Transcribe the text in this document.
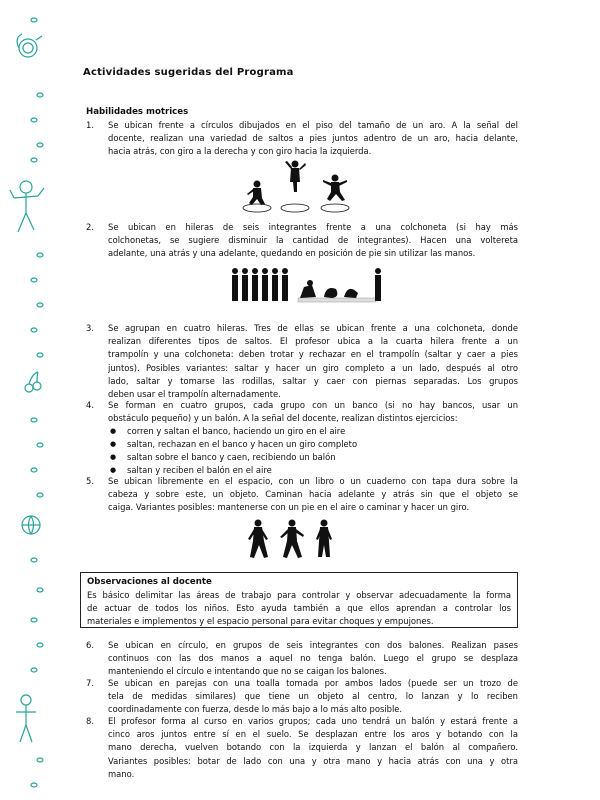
Actividades sugeridas del Programa
Habilidades motrices
1.	Se ubican frente a círculos dibujados en el piso del tamaño de un aro. A la señal del
docente, realizan una variedad de saltos a pies juntos adentro de un aro, hacia delante,
hacia atrás, con giro a la derecha y con giro hacia la izquierda.
2.	Se ubican en hileras de seis integrantes frente a una colchoneta (si hay más
colchonetas, se sugiere disminuir la cantidad de integrantes). Hacen una voltereta
adelante, una atrás y una adelante, quedando en posición de pie sin utilizar las manos.
3.	Se agrupan en cuatro hileras. Tres de ellas se ubican frente a una colchoneta, donde
realizan diferentes tipos de saltos. El profesor ubica a la cuarta hilera frente a un
trampolín y una colchoneta: deben trotar y rechazar en el trampolín (saltar y caer a pies
juntos). Posibles variantes: saltar y hacer un giro completo a un lado, después al otro
lado, saltar y tomarse las rodillas, saltar y caer con piernas separadas. Los grupos
deben usar el trampolín alternadamente.
4.	Se forman en cuatro grupos, cada grupo con un banco (si no hay bancos, usar un
obstáculo pequeño) y un balón. A la señal del docente, realizan distintos ejercicios:
● corren y saltan el banco, haciendo un giro en el aire
● saltan, rechazan en el banco y hacen un giro completo
● saltan sobre el banco y caen, recibiendo un balón
● saltan y reciben el balón en el aire
5.	Se ubican libremente en el espacio, con un libro o un cuaderno con tapa dura sobre la
cabeza y sobre este, un objeto. Caminan hacia adelante y atrás sin que el objeto se
caiga. Variantes posibles: mantenerse con un pie en el aire o caminar y hacer un giro.
Observaciones al docente
Es básico delimitar las áreas de trabajo para controlar y observar adecuadamente la forma
de actuar de todos los niños. Esto ayuda también a que ellos aprendan a controlar los
materiales e implementos y el espacio personal para evitar choques y empujones.
6.	Se ubican en círculo, en grupos de seis integrantes con dos balones. Realizan pases
continuos con las dos manos a aquel no tenga balón. Luego el grupo se desplaza
manteniendo el círculo e intentando que no se caigan los balones.
7.	Se ubican en parejas con una toalla tomada por ambos lados (puede ser un trozo de
tela de medidas similares) que tiene un objeto al centro, lo lanzan y lo reciben
coordinadamente con fuerza, desde lo más bajo a lo más alto posible.
8.	El profesor forma al curso en varios grupos; cada uno tendrá un balón y estará frente a
cinco aros juntos entre sí en el suelo. Se desplazan entre los aros y botando con la
mano derecha, vuelven botando con la izquierda y lanzan el balón al compañero.
Variantes posibles: botar de lado con una y otra mano y hacia atrás con una y otra
mano.
